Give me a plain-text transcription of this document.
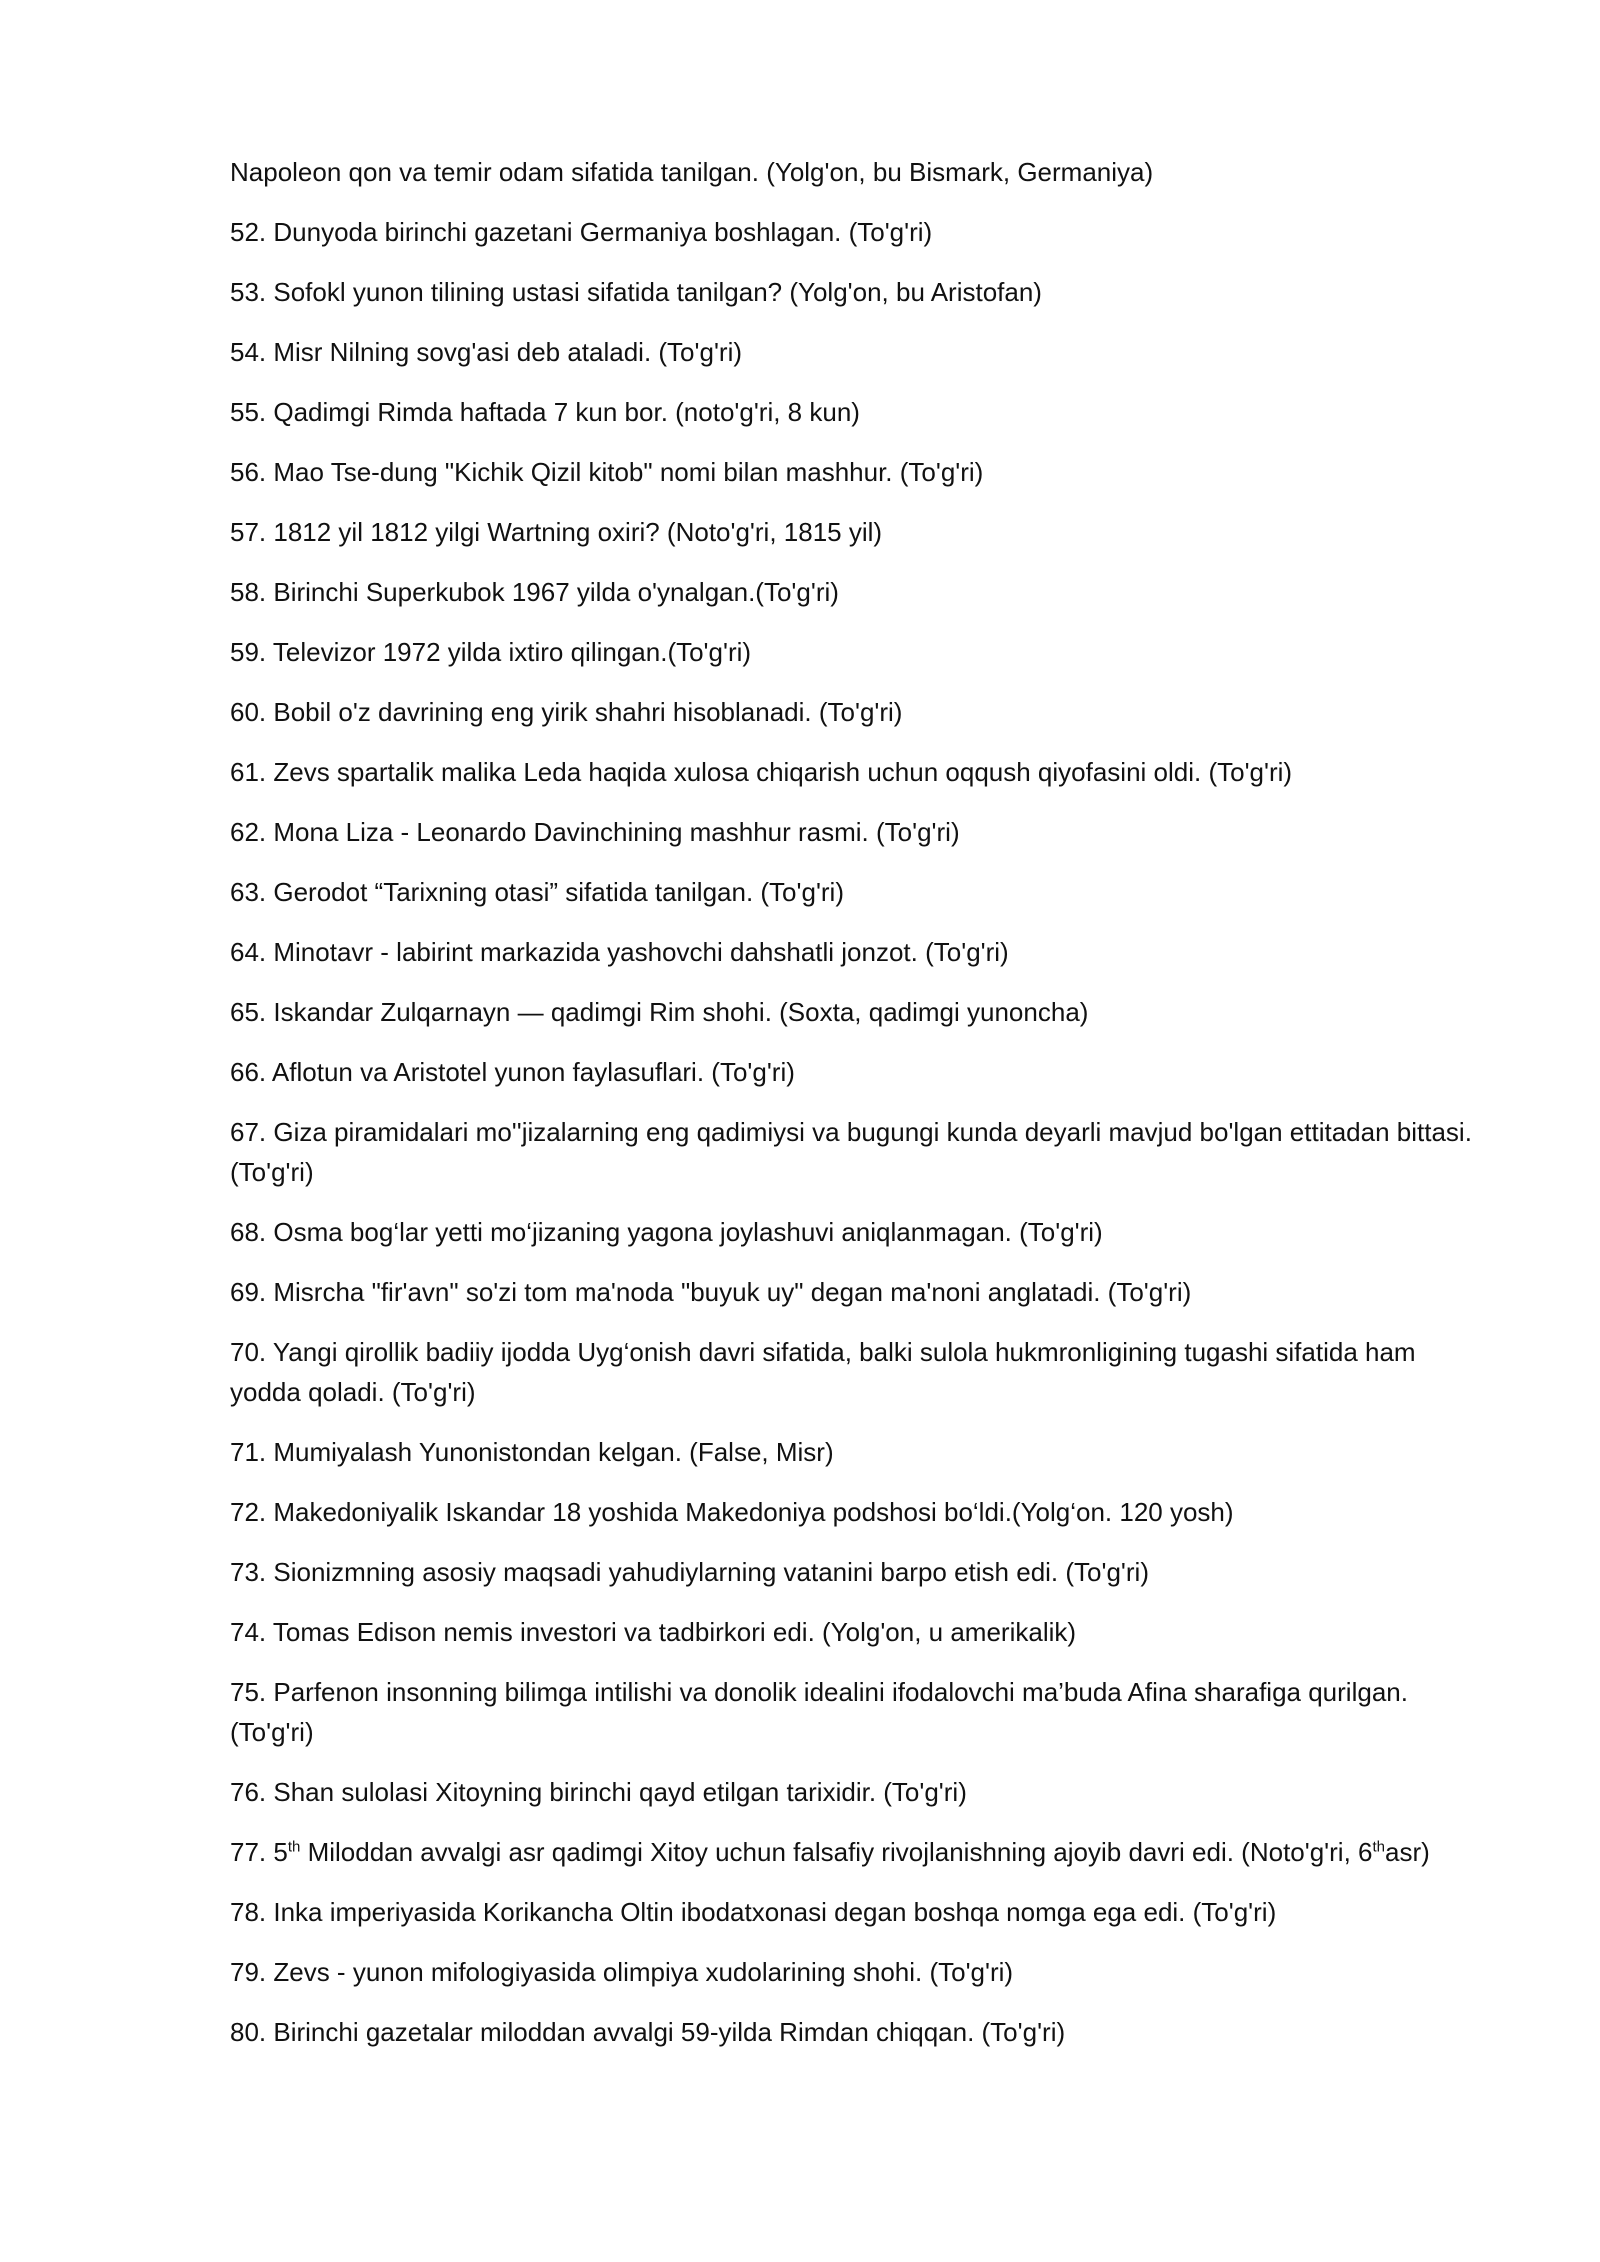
Napoleon qon va temir odam sifatida tanilgan. (Yolg'on, bu Bismark, Germaniya)

52. Dunyoda birinchi gazetani Germaniya boshlagan. (To'g'ri)

53. Sofokl yunon tilining ustasi sifatida tanilgan? (Yolg'on, bu Aristofan)

54. Misr Nilning sovg'asi deb ataladi. (To'g'ri)

55. Qadimgi Rimda haftada 7 kun bor. (noto'g'ri, 8 kun)

56. Mao Tse-dung "Kichik Qizil kitob" nomi bilan mashhur. (To'g'ri)

57. 1812 yil 1812 yilgi Wartning oxiri? (Noto'g'ri, 1815 yil)

58. Birinchi Superkubok 1967 yilda o'ynalgan.(To'g'ri)

59. Televizor 1972 yilda ixtiro qilingan.(To'g'ri)

60. Bobil o'z davrining eng yirik shahri hisoblanadi. (To'g'ri)

61. Zevs spartalik malika Leda haqida xulosa chiqarish uchun oqqush qiyofasini oldi. (To'g'ri)

62. Mona Liza - Leonardo Davinchining mashhur rasmi. (To'g'ri)

63. Gerodot “Tarixning otasi” sifatida tanilgan. (To'g'ri)

64. Minotavr - labirint markazida yashovchi dahshatli jonzot. (To'g'ri)

65. Iskandar Zulqarnayn — qadimgi Rim shohi. (Soxta, qadimgi yunoncha)

66. Aflotun va Aristotel yunon faylasuflari. (To'g'ri)

67. Giza piramidalari mo''jizalarning eng qadimiysi va bugungi kunda deyarli mavjud bo'lgan ettitadan bittasi. (To'g'ri)

68. Osma bog‘lar yetti mo‘jizaning yagona joylashuvi aniqlanmagan. (To'g'ri)

69. Misrcha "fir'avn" so'zi tom ma'noda "buyuk uy" degan ma'noni anglatadi. (To'g'ri)

70. Yangi qirollik badiiy ijodda Uyg‘onish davri sifatida, balki sulola hukmronligining tugashi sifatida ham yodda qoladi. (To'g'ri)

71. Mumiyalash Yunonistondan kelgan. (False, Misr)

72. Makedoniyalik Iskandar 18 yoshida Makedoniya podshosi bo‘ldi.(Yolg‘on. 120 yosh)

73. Sionizmning asosiy maqsadi yahudiylarning vatanini barpo etish edi. (To'g'ri)

74. Tomas Edison nemis investori va tadbirkori edi. (Yolg'on, u amerikalik)

75. Parfenon insonning bilimga intilishi va donolik idealini ifodalovchi ma’buda Afina sharafiga qurilgan. (To'g'ri)

76. Shan sulolasi Xitoyning birinchi qayd etilgan tarixidir. (To'g'ri)

77. 5th Miloddan avvalgi asr qadimgi Xitoy uchun falsafiy rivojlanishning ajoyib davri edi. (Noto'g'ri, 6thasr)

78. Inka imperiyasida Korikancha Oltin ibodatxonasi degan boshqa nomga ega edi. (To'g'ri)

79. Zevs - yunon mifologiyasida olimpiya xudolarining shohi. (To'g'ri)

80. Birinchi gazetalar miloddan avvalgi 59-yilda Rimdan chiqqan. (To'g'ri)
